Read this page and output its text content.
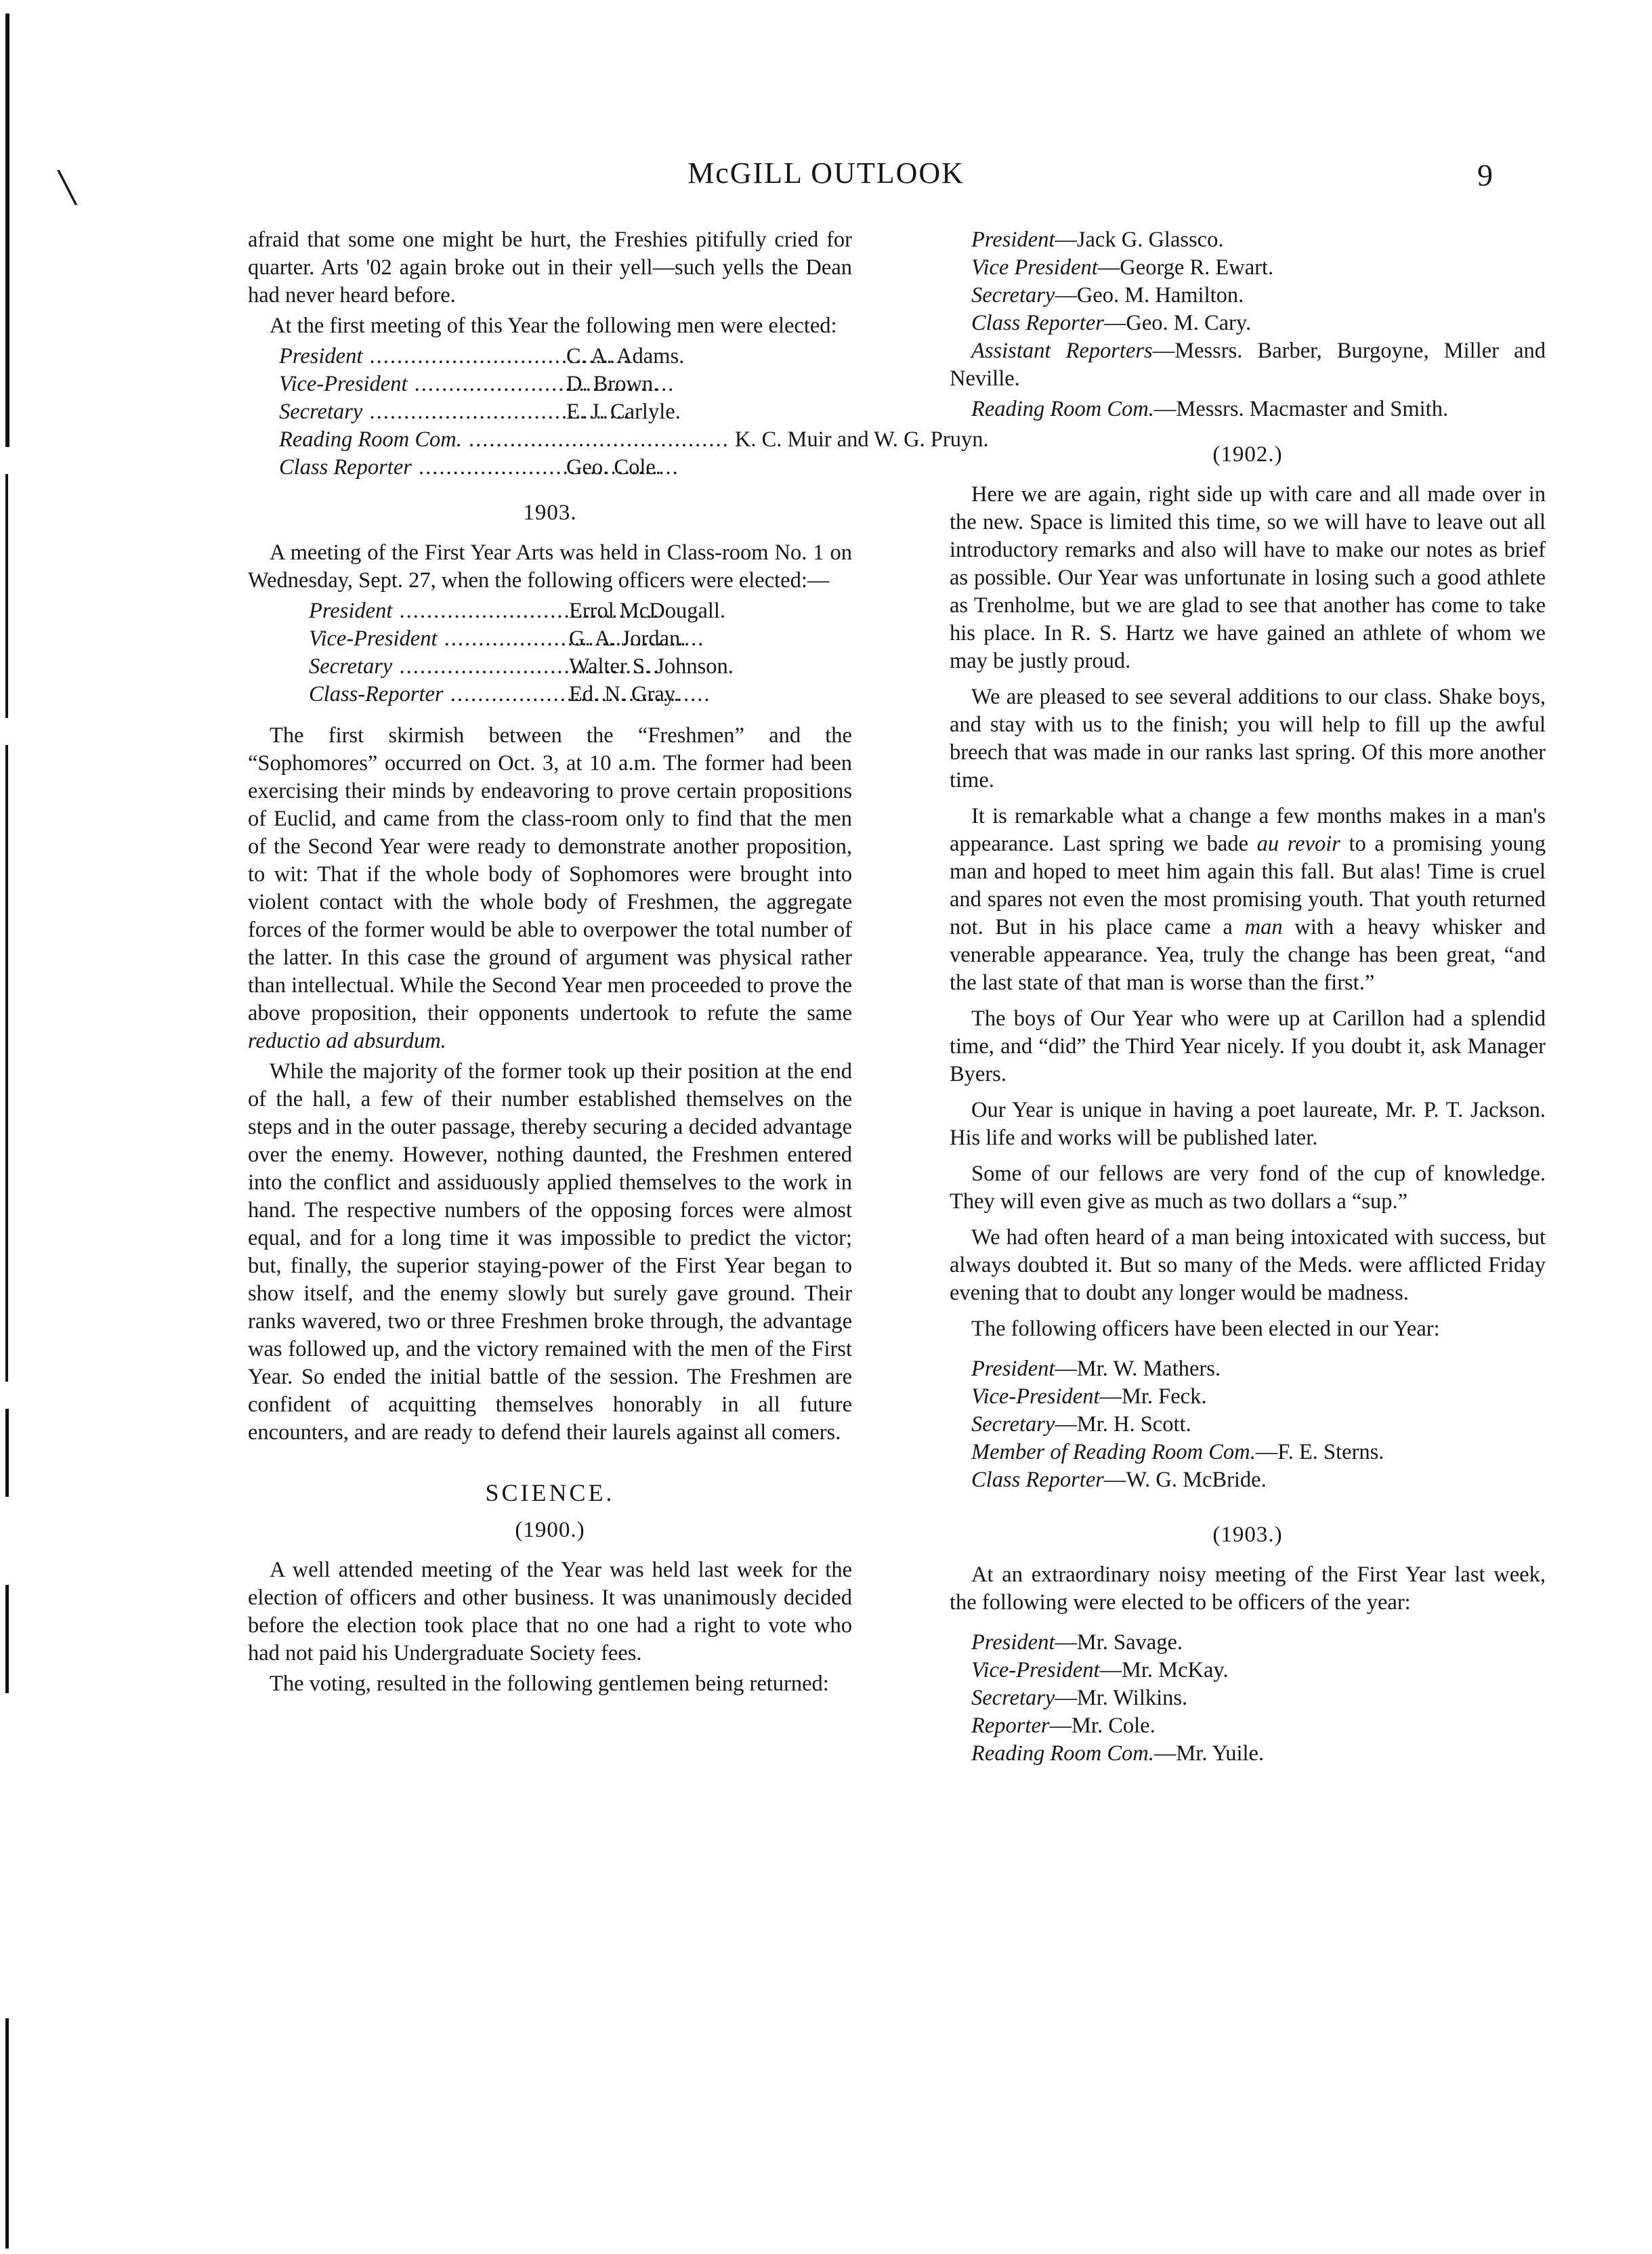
╲	McGILL OUTLOOK	9

afraid that some one might be hurt, the Freshies pitifully cried for quarter. Arts '02 again broke out in their yell—such yells the Dean had never heard before.

At the first meeting of this Year the following men were elected:

President .....	C. A. Adams.
Vice-President .....	D. Brown.
Secretary .....	E. J. Carlyle.
Reading Room Com. .....	K. C. Muir and W. G. Pruyn.
Class Reporter .....	Geo. Cole.
1903.

A meeting of the First Year Arts was held in Class-room No. 1 on Wednesday, Sept. 27, when the following officers were elected:—

President .....	Errol McDougall.
Vice-President .....	G. A. Jordan.
Secretary .....	Walter S. Johnson.
Class-Reporter .....	Ed. N. Gray.

The first skirmish between the “Freshmen” and the “Sophomores” occurred on Oct. 3, at 10 a.m. The former had been exercising their minds by endeavoring to prove certain propositions of Euclid, and came from the class-room only to find that the men of the Second Year were ready to demonstrate another proposition, to wit: That if the whole body of Sophomores were brought into violent contact with the whole body of Freshmen, the aggregate forces of the former would be able to overpower the total number of the latter. In this case the ground of argument was physical rather than intellectual. While the Second Year men proceeded to prove the above proposition, their opponents undertook to refute the same reductio ad absurdum.

While the majority of the former took up their position at the end of the hall, a few of their number established themselves on the steps and in the outer passage, thereby securing a decided advantage over the enemy. However, nothing daunted, the Freshmen entered into the conflict and assiduously applied themselves to the work in hand. The respective numbers of the opposing forces were almost equal, and for a long time it was impossible to predict the victor; but, finally, the superior staying-power of the First Year began to show itself, and the enemy slowly but surely gave ground. Their ranks wavered, two or three Freshmen broke through, the advantage was followed up, and the victory remained with the men of the First Year. So ended the initial battle of the session. The Freshmen are confident of acquitting themselves honorably in all future encounters, and are ready to defend their laurels against all comers.

SCIENCE.
(1900.)

A well attended meeting of the Year was held last week for the election of officers and other business. It was unanimously decided before the election took place that no one had a right to vote who had not paid his Undergraduate Society fees.

The voting, resulted in the following gentlemen being returned:

President — Jack G. Glassco.
Vice President — George R. Ewart.
Secretary — Geo. M. Hamilton.
Class Reporter — Geo. M. Cary.

Assistant Reporters—Messrs. Barber, Burgoyne, Miller and Neville.

Reading Room Com.—Messrs. Macmaster and Smith.

(1902.)

Here we are again, right side up with care and all made over in the new. Space is limited this time, so we will have to leave out all introductory remarks and also will have to make our notes as brief as possible. Our Year was unfortunate in losing such a good athlete as Trenholme, but we are glad to see that another has come to take his place. In R. S. Hartz we have gained an athlete of whom we may be justly proud.

We are pleased to see several additions to our class. Shake boys, and stay with us to the finish; you will help to fill up the awful breech that was made in our ranks last spring. Of this more another time.

It is remarkable what a change a few months makes in a man's appearance. Last spring we bade au revoir to a promising young man and hoped to meet him again this fall. But alas! Time is cruel and spares not even the most promising youth. That youth returned not. But in his place came a man with a heavy whisker and venerable appearance. Yea, truly the change has been great, “and the last state of that man is worse than the first.”

The boys of Our Year who were up at Carillon had a splendid time, and “did” the Third Year nicely. If you doubt it, ask Manager Byers.

Our Year is unique in having a poet laureate, Mr. P. T. Jackson. His life and works will be published later.

Some of our fellows are very fond of the cup of knowledge. They will even give as much as two dollars a “sup.”

We had often heard of a man being intoxicated with success, but always doubted it. But so many of the Meds. were afflicted Friday evening that to doubt any longer would be madness.

The following officers have been elected in our Year:

President — Mr. W. Mathers.
Vice-President — Mr. Feck.
Secretary — Mr. H. Scott.
Member of Reading Room Com. — F. E. Sterns.
Class Reporter — W. G. McBride.
(1903.)

At an extraordinary noisy meeting of the First Year last week, the following were elected to be officers of the year:

President — Mr. Savage.
Vice-President — Mr. McKay.
Secretary — Mr. Wilkins.
Reporter — Mr. Cole.
Reading Room Com. — Mr. Yuile.
